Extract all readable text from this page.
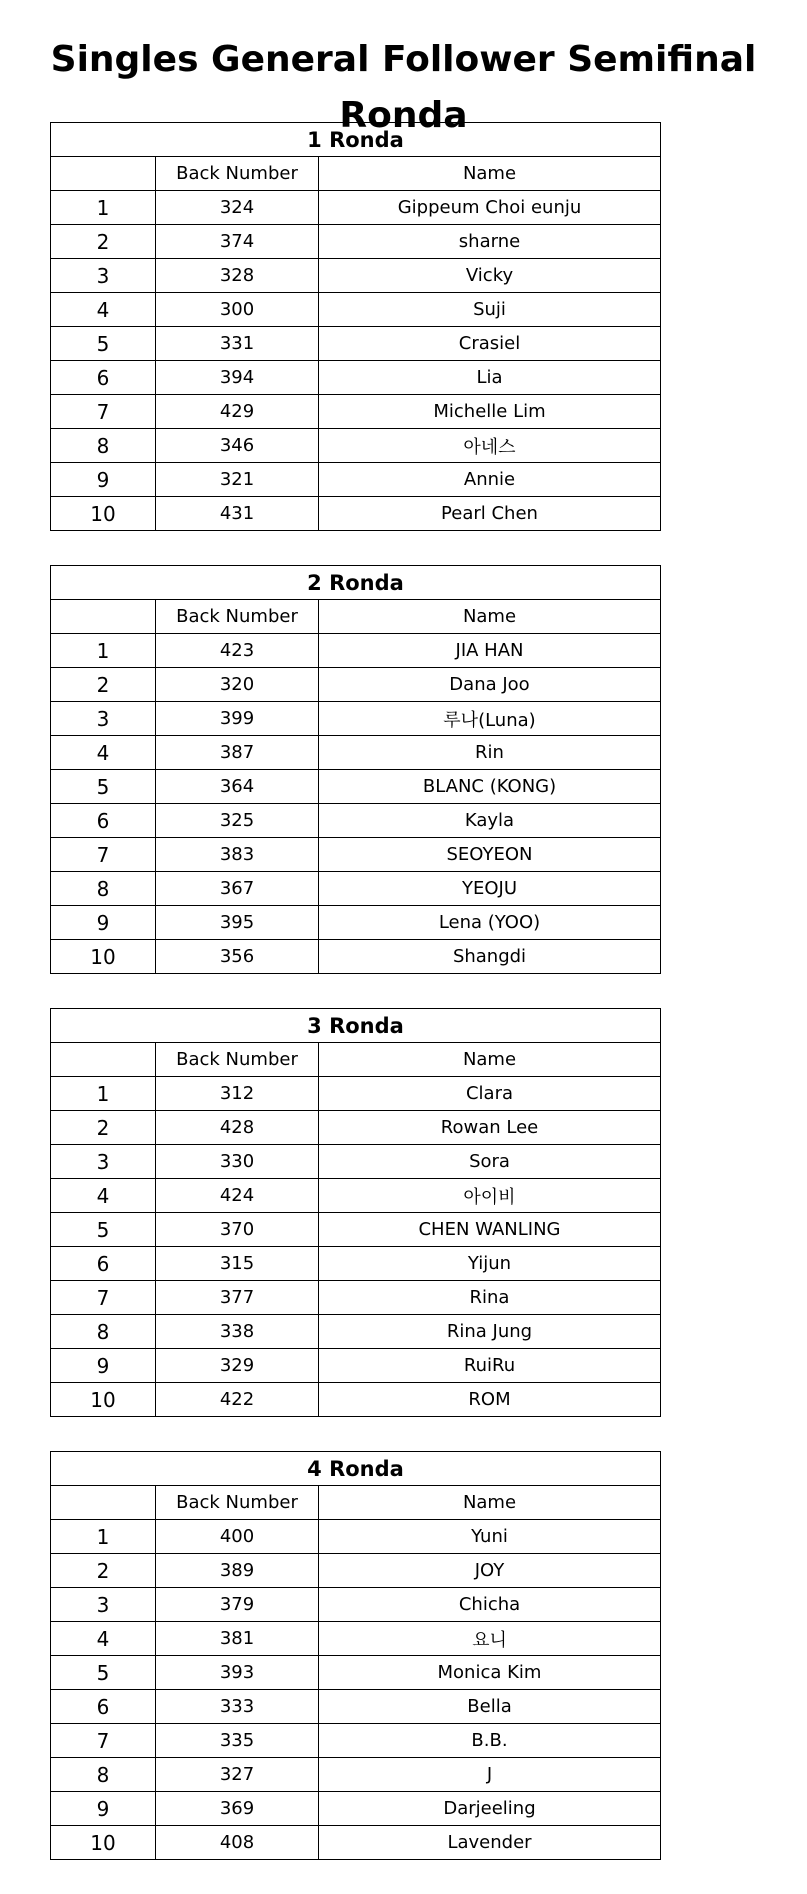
Singles General Follower Semifinal Ronda
1 Ronda		
	Back Number	Name
1	324	Gippeum Choi eunju
2	374	sharne
3	328	Vicky
4	300	Suji
5	331	Crasiel
6	394	Lia
7	429	Michelle Lim
8	346	아네스
9	321	Annie
10	431	Pearl Chen
2 Ronda		
	Back Number	Name
1	423	JIA HAN
2	320	Dana Joo
3	399	루나(Luna)
4	387	Rin
5	364	BLANC (KONG)
6	325	Kayla
7	383	SEOYEON
8	367	YEOJU
9	395	Lena (YOO)
10	356	Shangdi
3 Ronda		
	Back Number	Name
1	312	Clara
2	428	Rowan Lee
3	330	Sora
4	424	아이비
5	370	CHEN WANLING
6	315	Yijun
7	377	Rina
8	338	Rina Jung
9	329	RuiRu
10	422	ROM
4 Ronda		
	Back Number	Name
1	400	Yuni
2	389	JOY
3	379	Chicha
4	381	요니
5	393	Monica Kim
6	333	Bella
7	335	B.B.
8	327	J
9	369	Darjeeling
10	408	Lavender
